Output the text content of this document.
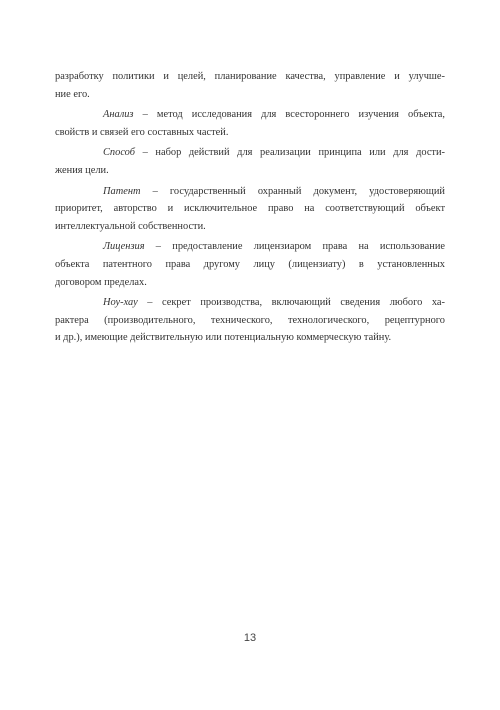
разработку политики и целей, планирование качества, управление и улучше-

ние его.

Анализ – метод исследования для всестороннего изучения объекта,

свойств и связей его составных частей.

Способ – набор действий для реализации принципа или для дости-

жения цели.

Патент – государственный охранный документ, удостоверяющий

приоритет, авторство и исключительное право на соответствующий объект

интеллектуальной собственности.

Лицензия – предоставление лицензиаром права на использование

объекта патентного права другому лицу (лицензиату) в установленных

договором пределах.

Ноу-хау – секрет производства, включающий сведения любого ха-

рактера (производительного, технического, технологического, рецептурного

и др.), имеющие действительную или потенциальную коммерческую тайну.

13
